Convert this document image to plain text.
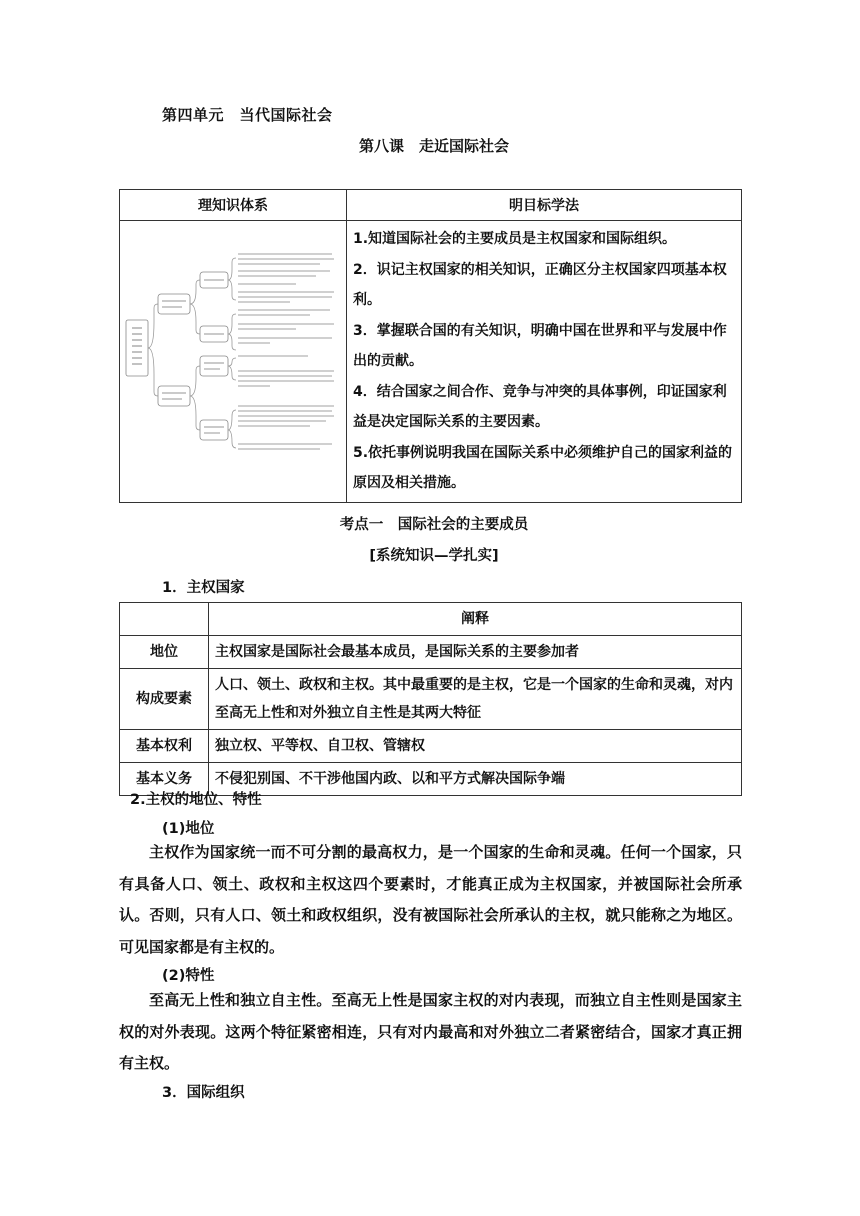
第四单元　当代国际社会
第八课　走近国际社会
理知识体系	明目标学法

1.知道国际社会的主要成员是主权国家和国际组织。
2．识记主权国家的相关知识，正确区分主权国家四项基本权利。
3．掌握联合国的有关知识，明确中国在世界和平与发展中作出的贡献。
4．结合国家之间合作、竞争与冲突的具体事例，印证国家利益是决定国际关系的主要因素。
5.依托事例说明我国在国际关系中必须维护自己的国家利益的原因及相关措施。
考点一　国际社会的主要成员
[系统知识—学扎实]
1．主权国家
	阐释
地位	主权国家是国际社会最基本成员，是国际关系的主要参加者
构成要素	人口、领土、政权和主权。其中最重要的是主权，它是一个国家的生命和灵魂，对内至高无上性和对外独立自主性是其两大特征
基本权利	独立权、平等权、自卫权、管辖权
基本义务	不侵犯别国、不干涉他国内政、以和平方式解决国际争端
2.主权的地位、特性
(1)地位
主权作为国家统一而不可分割的最高权力，是一个国家的生命和灵魂。任何一个国家，只有具备人口、领土、政权和主权这四个要素时，才能真正成为主权国家，并被国际社会所承认。否则，只有人口、领土和政权组织，没有被国际社会所承认的主权，就只能称之为地区。可见国家都是有主权的。
(2)特性
至高无上性和独立自主性。至高无上性是国家主权的对内表现，而独立自主性则是国家主权的对外表现。这两个特征紧密相连，只有对内最高和对外独立二者紧密结合，国家才真正拥有主权。
3．国际组织
